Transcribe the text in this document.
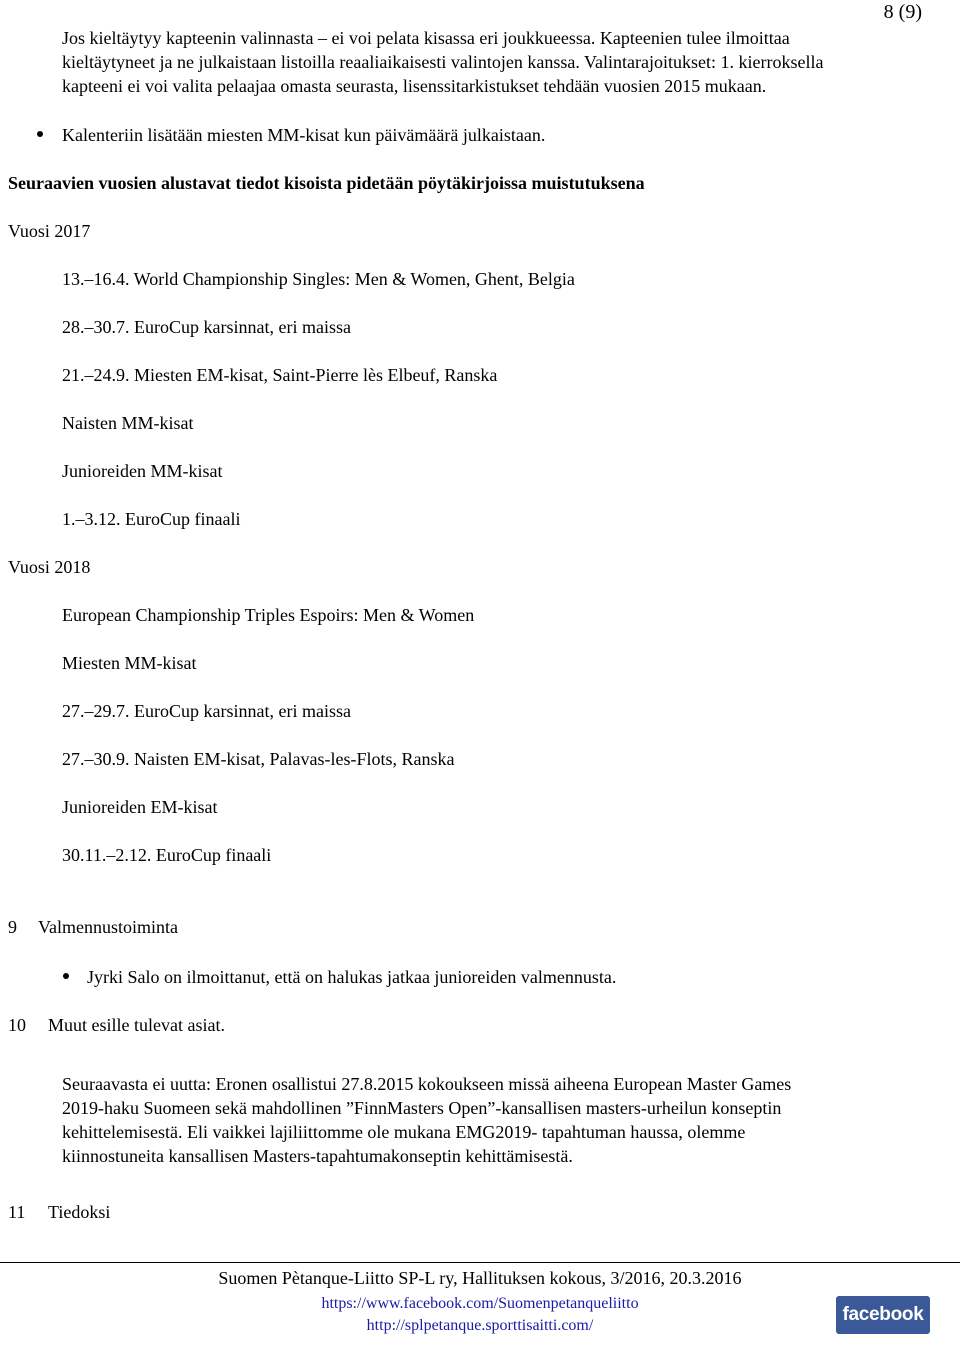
8 (9)
Jos kieltäytyy kapteenin valinnasta – ei voi pelata kisassa eri joukkueessa. Kapteenien tulee ilmoittaa
kieltäytyneet ja ne julkaistaan listoilla reaaliaikaisesti valintojen kanssa. Valintarajoitukset: 1. kierroksella
kapteeni ei voi valita pelaajaa omasta seurasta, lisenssitarkistukset tehdään vuosien 2015 mukaan.
Kalenteriin lisätään miesten MM-kisat kun päivämäärä julkaistaan.
Seuraavien vuosien alustavat tiedot kisoista pidetään pöytäkirjoissa muistutuksena
Vuosi 2017
13.–16.4. World Championship Singles: Men & Women, Ghent, Belgia
28.–30.7. EuroCup karsinnat, eri maissa
21.–24.9. Miesten EM-kisat, Saint-Pierre lès Elbeuf, Ranska
Naisten MM-kisat
Junioreiden MM-kisat
1.–3.12. EuroCup finaali
Vuosi 2018
European Championship Triples Espoirs: Men & Women
Miesten MM-kisat
27.–29.7. EuroCup karsinnat, eri maissa
27.–30.9. Naisten EM-kisat, Palavas-les-Flots, Ranska
Junioreiden EM-kisat
30.11.–2.12. EuroCup finaali
9 Valmennustoiminta
Jyrki Salo on ilmoittanut, että on halukas jatkaa junioreiden valmennusta.
10 Muut esille tulevat asiat.
Seuraavasta ei uutta: Eronen osallistui 27.8.2015 kokoukseen missä aiheena European Master Games
2019-haku Suomeen sekä mahdollinen ”FinnMasters Open”-kansallisen masters-urheilun konseptin
kehittelemisestä. Eli vaikkei lajiliittomme ole mukana EMG2019- tapahtuman haussa, olemme
kiinnostuneita kansallisen Masters-tapahtumakonseptin kehittämisestä.
11 Tiedoksi
Suomen Pètanque-Liitto SP-L ry, Hallituksen kokous, 3/2016, 20.3.2016
https://www.facebook.com/Suomenpetanqueliitto
http://splpetanque.sporttisaitti.com/
facebook
